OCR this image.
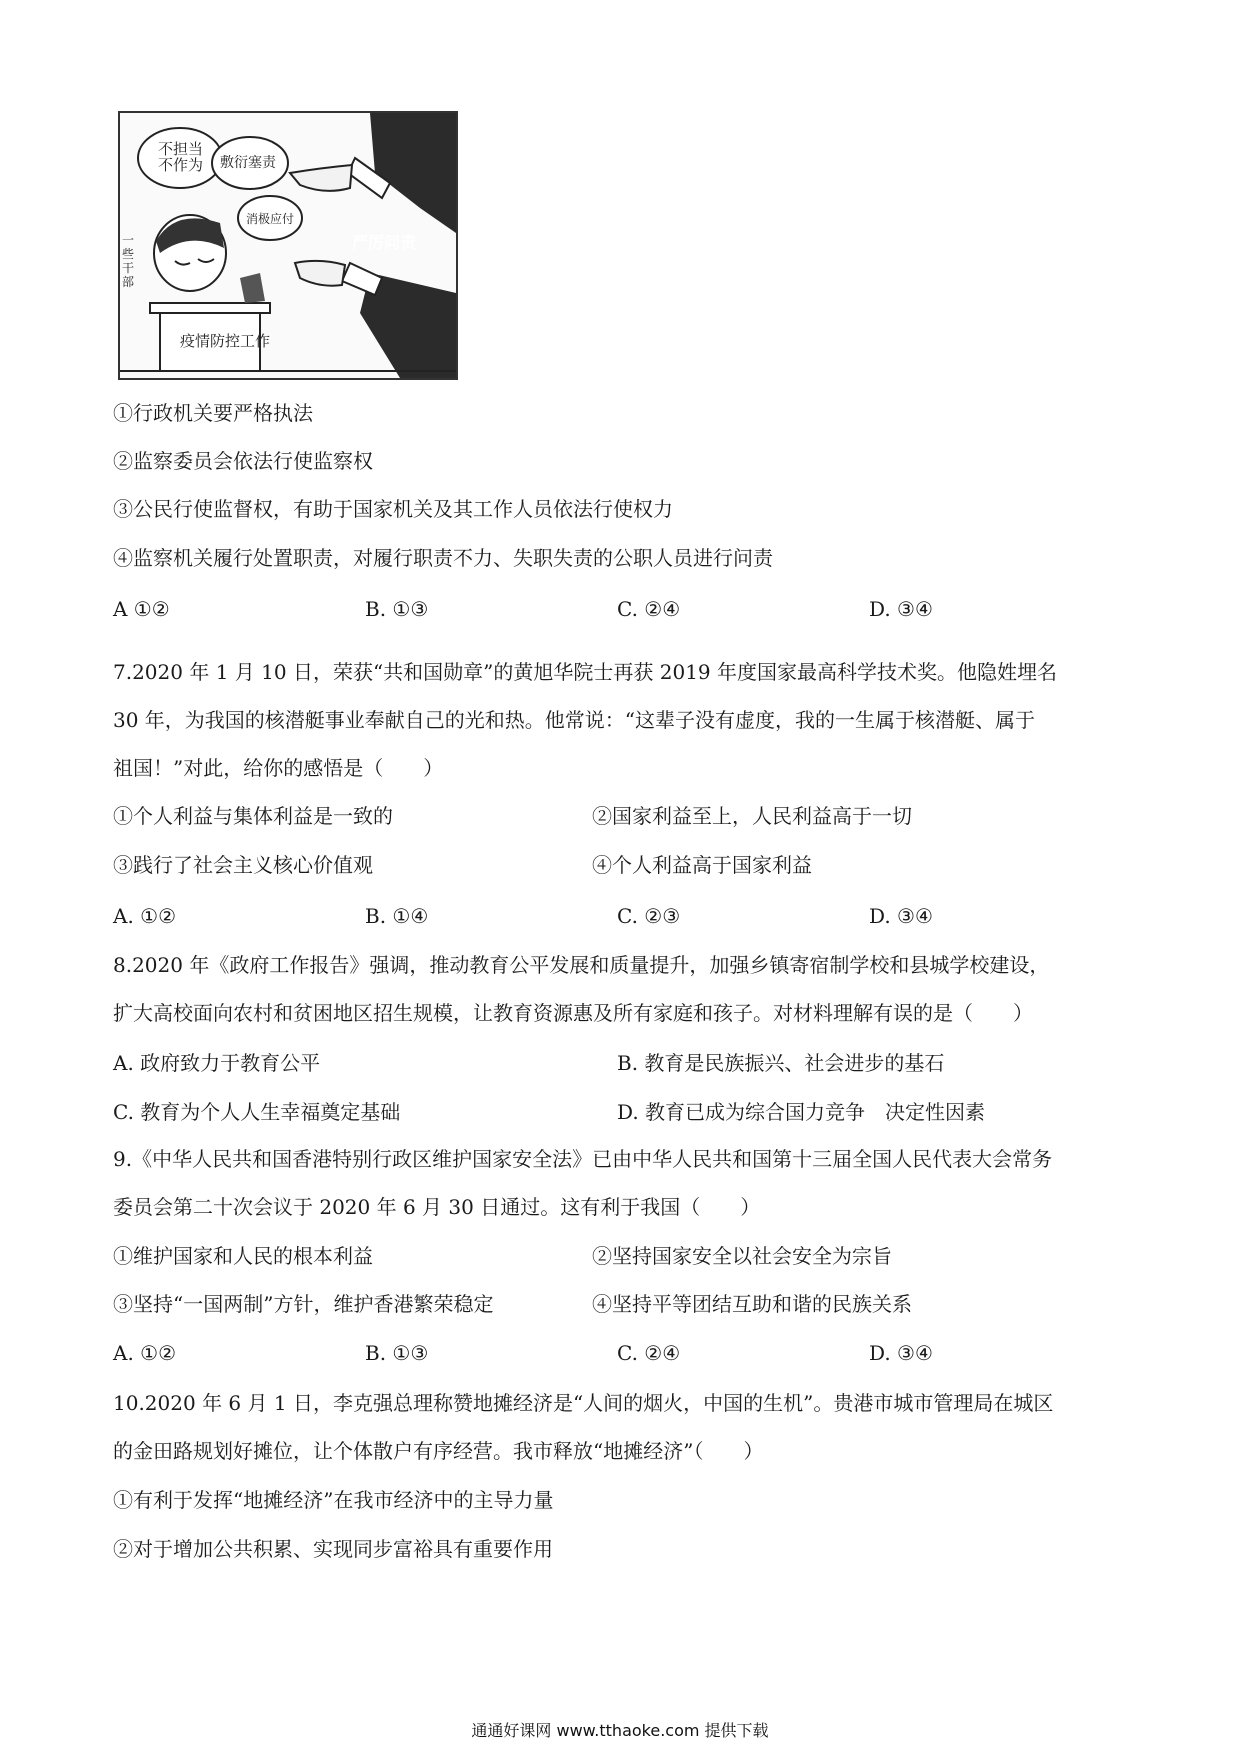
不担当
不作为	敷衍塞责
消极应付
一些干部
严厉问责
疫情防控工作
①行政机关要严格执法
②监察委员会依法行使监察权
③公民行使监督权，有助于国家机关及其工作人员依法行使权力
④监察机关履行处置职责，对履行职责不力、失职失责的公职人员进行问责
A ①②	B. ①③	C. ②④	D. ③④
7.2020 年 1 月 10 日，荣获“共和国勋章”的黄旭华院士再获 2019 年度国家最高科学技术奖。他隐姓埋名
30 年，为我国的核潜艇事业奉献自己的光和热。他常说：“这辈子没有虚度，我的一生属于核潜艇、属于
祖国！”对此，给你的感悟是（　　）
①个人利益与集体利益是一致的	②国家利益至上，人民利益高于一切
③践行了社会主义核心价值观	④个人利益高于国家利益
A. ①②	B. ①④	C. ②③	D. ③④
8.2020 年《政府工作报告》强调，推动教育公平发展和质量提升，加强乡镇寄宿制学校和县城学校建设，
扩大高校面向农村和贫困地区招生规模，让教育资源惠及所有家庭和孩子。对材料理解有误的是（　　）
A. 政府致力于教育公平	B. 教育是民族振兴、社会进步的基石
C. 教育为个人人生幸福奠定基础	D. 教育已成为综合国力竞争　决定性因素
9.《中华人民共和国香港特别行政区维护国家安全法》已由中华人民共和国第十三届全国人民代表大会常务
委员会第二十次会议于 2020 年 6 月 30 日通过。这有利于我国（　　）
①维护国家和人民的根本利益	②坚持国家安全以社会安全为宗旨
③坚持“一国两制”方针，维护香港繁荣稳定	④坚持平等团结互助和谐的民族关系
A. ①②	B. ①③	C. ②④	D. ③④
10.2020 年 6 月 1 日，李克强总理称赞地摊经济是“人间的烟火，中国的生机”。贵港市城市管理局在城区
的金田路规划好摊位，让个体散户有序经营。我市释放“地摊经济”（　　）
①有利于发挥“地摊经济”在我市经济中的主导力量
②对于增加公共积累、实现同步富裕具有重要作用
通通好课网 www.tthaoke.com 提供下载
